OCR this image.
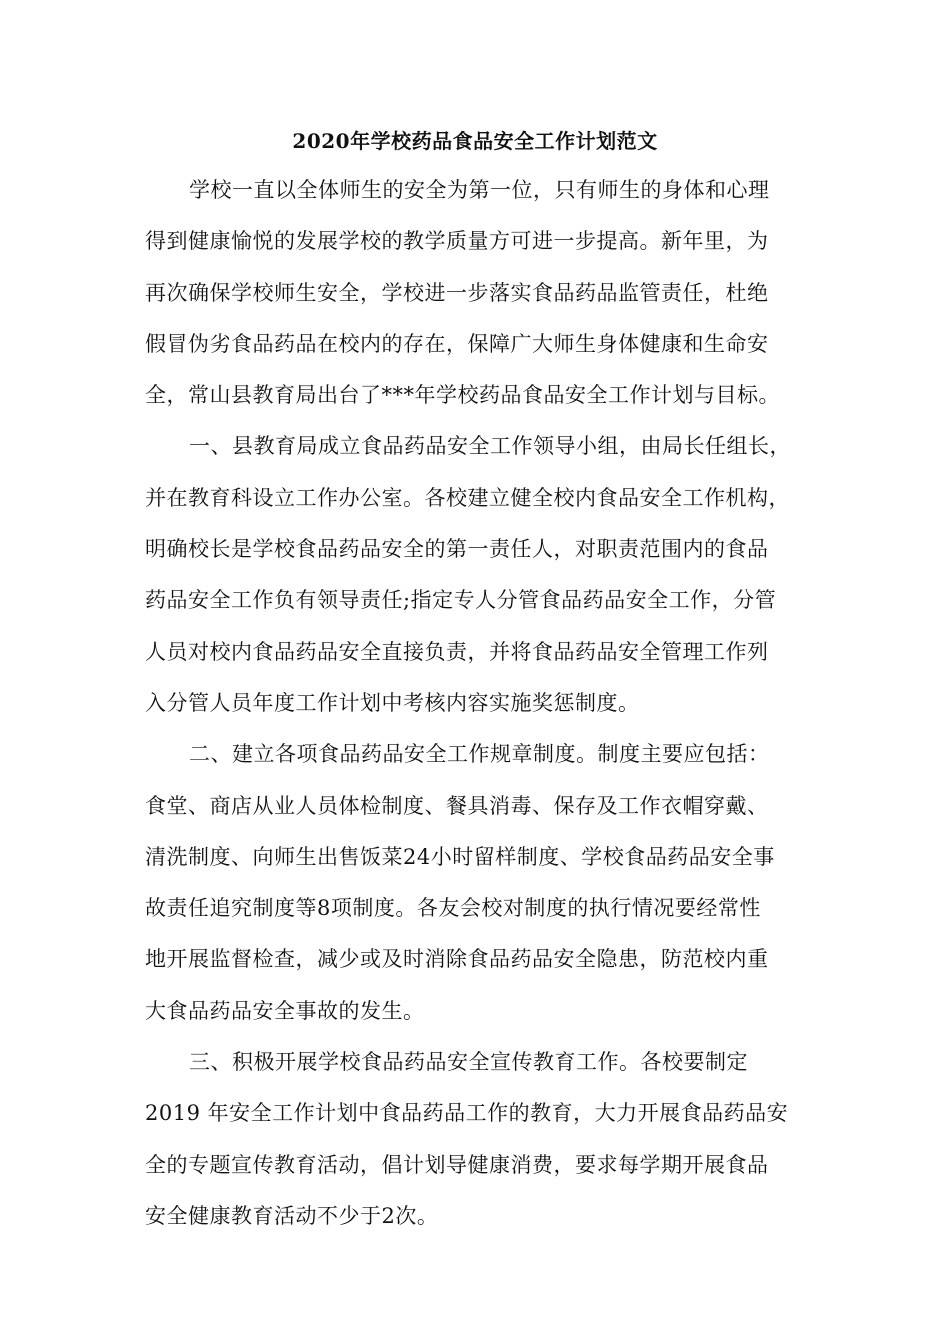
2020年学校药品食品安全工作计划范文
学校一直以全体师生的安全为第一位，只有师生的身体和心理
得到健康愉悦的发展学校的教学质量方可进一步提高。新年里，为
再次确保学校师生安全，学校进一步落实食品药品监管责任，杜绝
假冒伪劣食品药品在校内的存在，保障广大师生身体健康和生命安
全，常山县教育局出台了***年学校药品食品安全工作计划与目标。
一、县教育局成立食品药品安全工作领导小组，由局长任组长，
并在教育科设立工作办公室。各校建立健全校内食品安全工作机构，
明确校长是学校食品药品安全的第一责任人，对职责范围内的食品
药品安全工作负有领导责任;指定专人分管食品药品安全工作，分管
人员对校内食品药品安全直接负责，并将食品药品安全管理工作列
入分管人员年度工作计划中考核内容实施奖惩制度。
二、建立各项食品药品安全工作规章制度。制度主要应包括：
食堂、商店从业人员体检制度、餐具消毒、保存及工作衣帽穿戴、
清洗制度、向师生出售饭菜24小时留样制度、学校食品药品安全事
故责任追究制度等8项制度。各友会校对制度的执行情况要经常性
地开展监督检查，减少或及时消除食品药品安全隐患，防范校内重
大食品药品安全事故的发生。
三、积极开展学校食品药品安全宣传教育工作。各校要制定
2019 年安全工作计划中食品药品工作的教育，大力开展食品药品安
全的专题宣传教育活动，倡计划导健康消费，要求每学期开展食品
安全健康教育活动不少于2次。
